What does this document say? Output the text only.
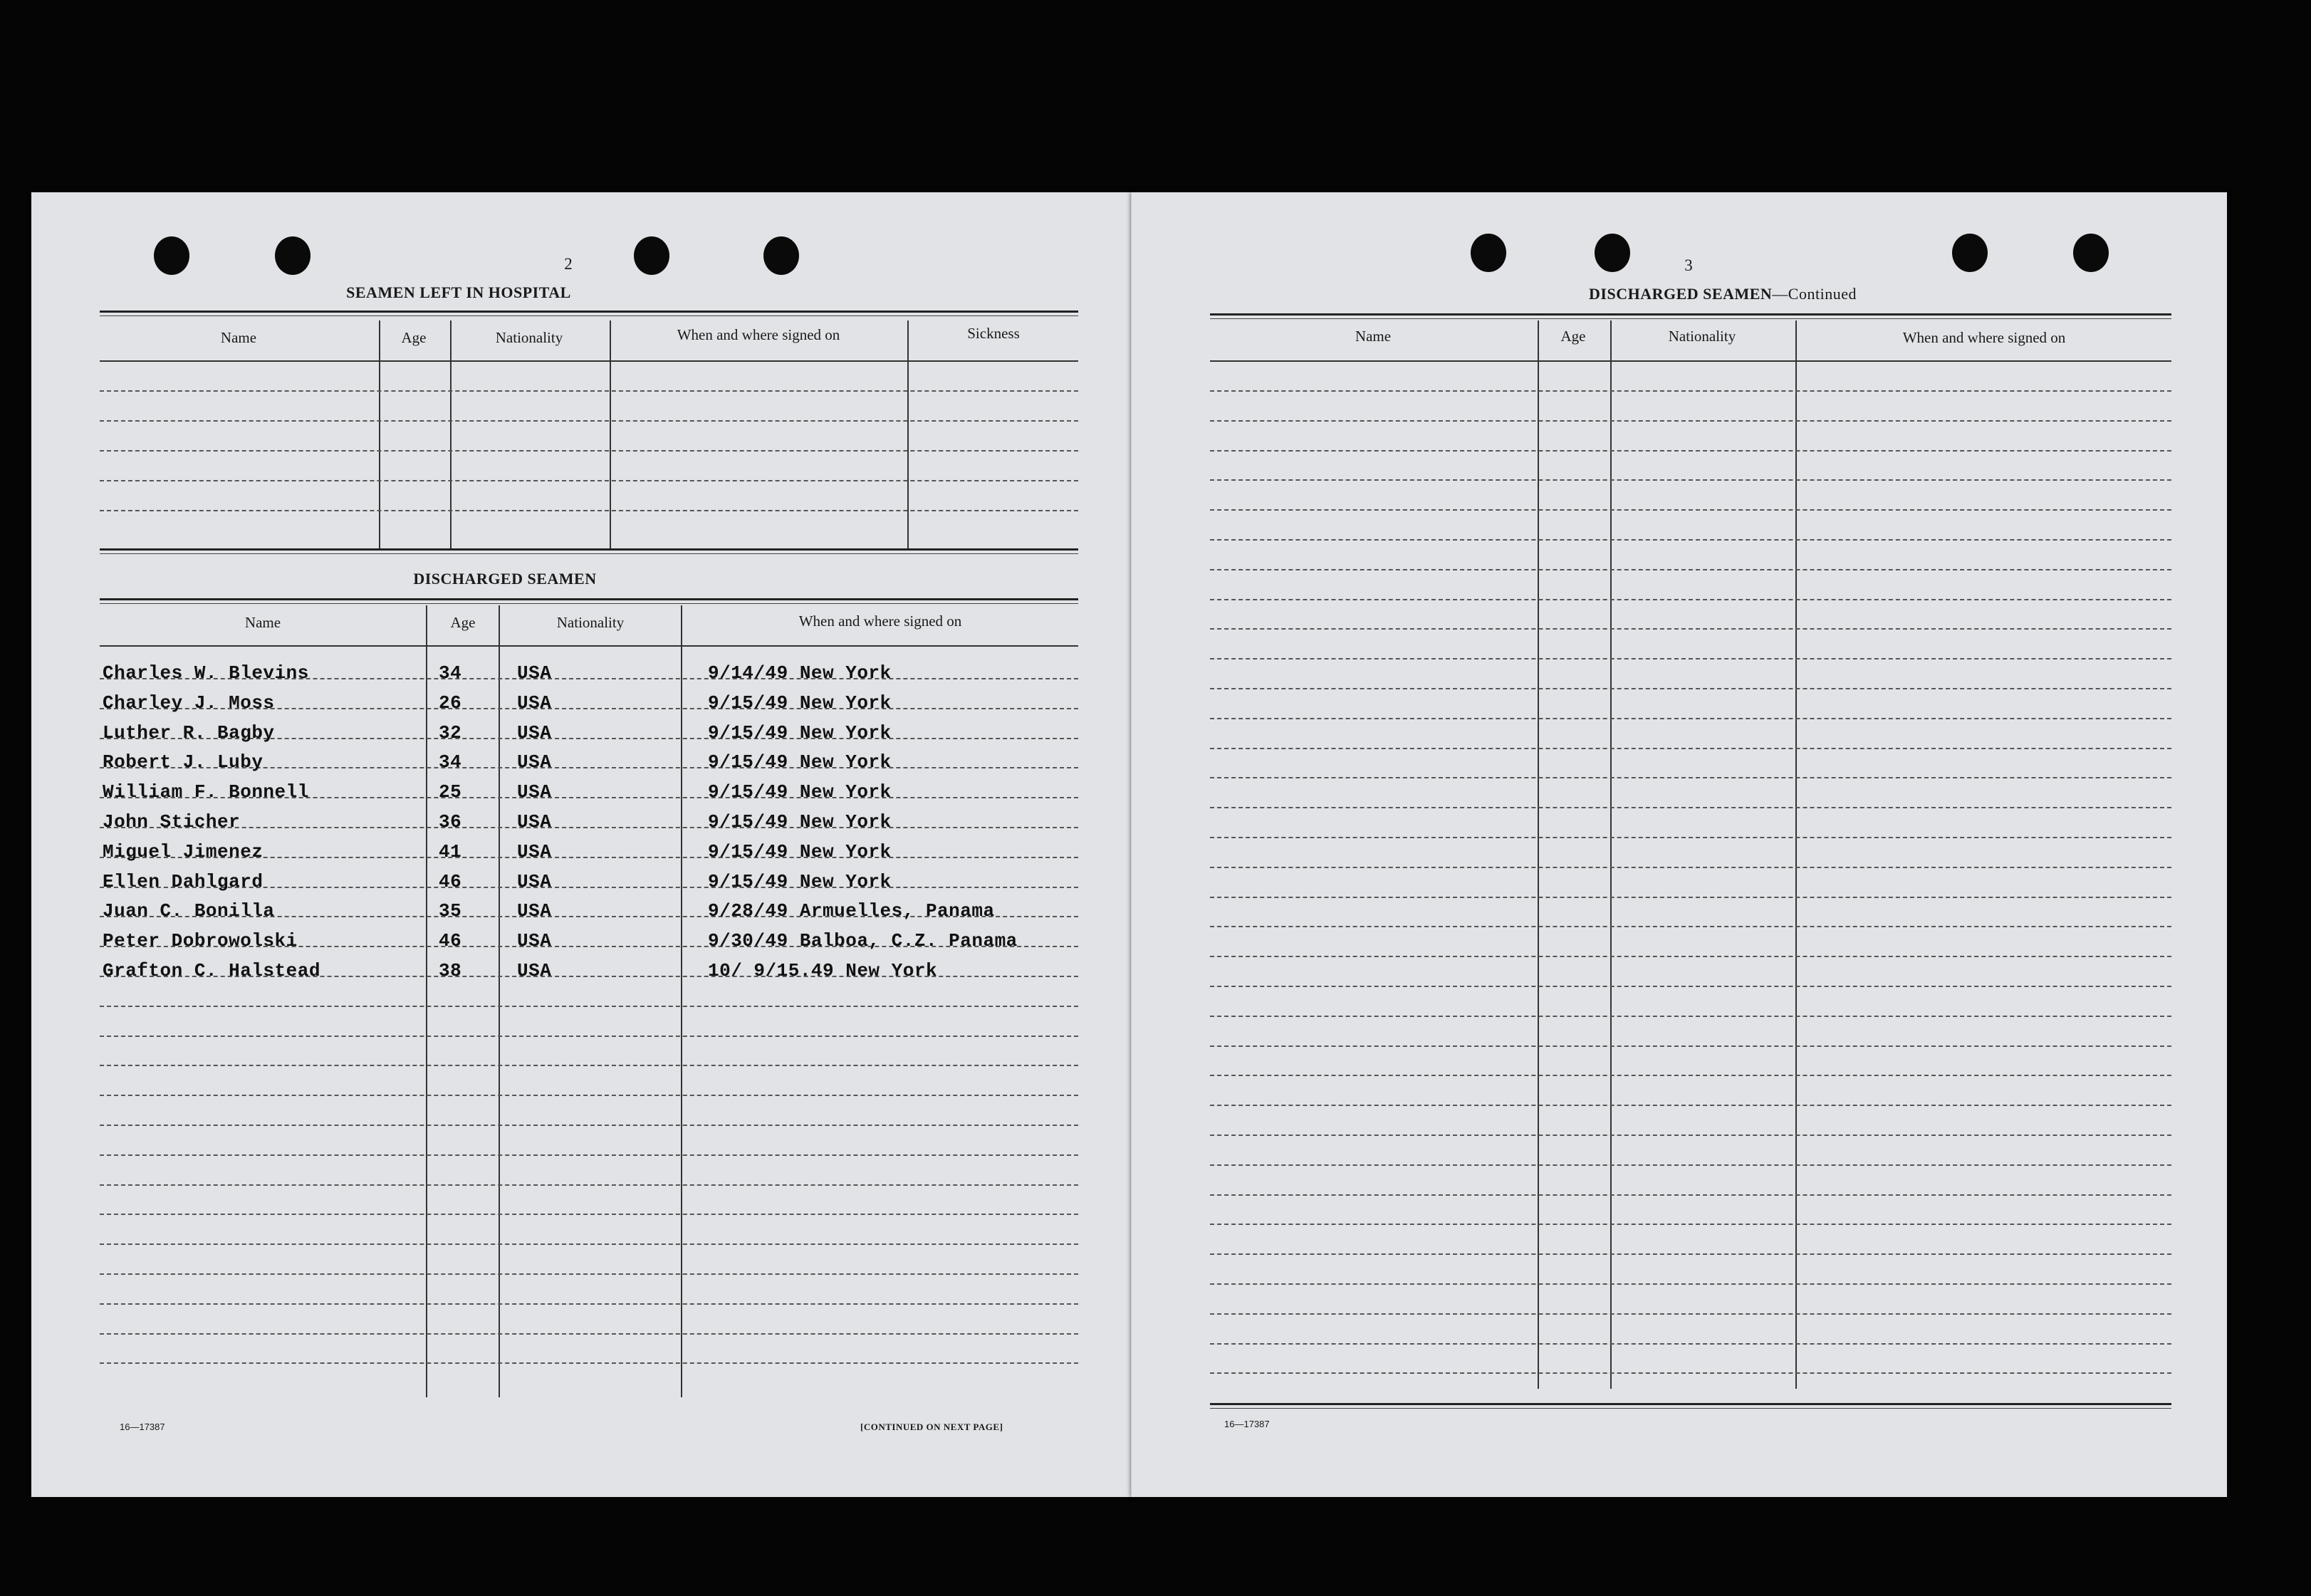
2
SEAMEN LEFT IN HOSPITAL
Name	Age	Nationality	When and where signed on	Sickness
DISCHARGED SEAMEN
Name	Age	Nationality	When and where signed on
Charles W. Blevins	34	USA	9/14/49 New York
Charley J. Moss	26	USA	9/15/49 New York
Luther R. Bagby	32	USA	9/15/49 New York
Robert J. Luby	34	USA	9/15/49 New York
William F. Bonnell	25	USA	9/15/49 New York
John Sticher	36	USA	9/15/49 New York
Miguel Jimenez	41	USA	9/15/49 New York
Ellen Dahlgard	46	USA	9/15/49 New York
Juan C. Bonilla	35	USA	9/28/49 Armuelles, Panama
Peter Dobrowolski	46	USA	9/30/49 Balboa, C.Z. Panama
Grafton C. Halstead	38	USA	10/ 9/15.49 New York
16—17387	[CONTINUED ON NEXT PAGE]
3
DISCHARGED SEAMEN—Continued
Name	Age	Nationality	When and where signed on
16—17387
